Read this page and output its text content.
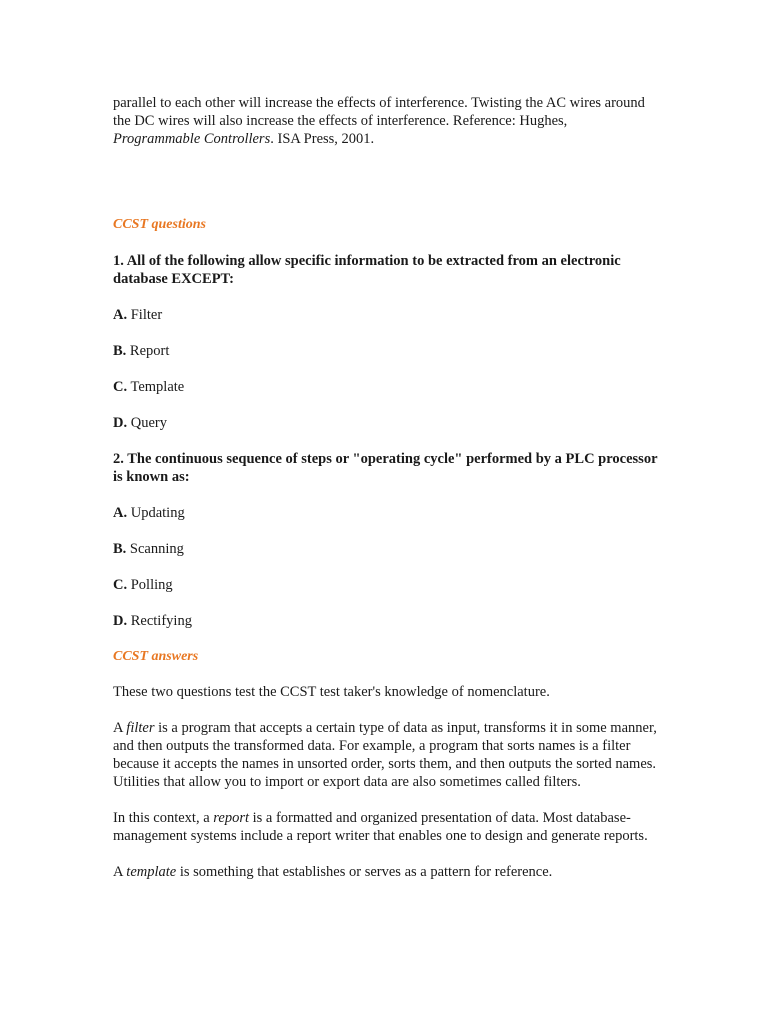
parallel to each other will increase the effects of interference. Twisting the AC wires around the DC wires will also increase the effects of interference. Reference: Hughes, Programmable Controllers. ISA Press, 2001.

CCST questions

1. All of the following allow specific information to be extracted from an electronic database EXCEPT:

A. Filter

B. Report

C. Template

D. Query

2. The continuous sequence of steps or "operating cycle" performed by a PLC processor is known as:

A. Updating

B. Scanning

C. Polling

D. Rectifying

CCST answers

These two questions test the CCST test taker's knowledge of nomenclature.

A filter is a program that accepts a certain type of data as input, transforms it in some manner, and then outputs the transformed data. For example, a program that sorts names is a filter because it accepts the names in unsorted order, sorts them, and then outputs the sorted names. Utilities that allow you to import or export data are also sometimes called filters.

In this context, a report is a formatted and organized presentation of data. Most database-management systems include a report writer that enables one to design and generate reports.

A template is something that establishes or serves as a pattern for reference.
